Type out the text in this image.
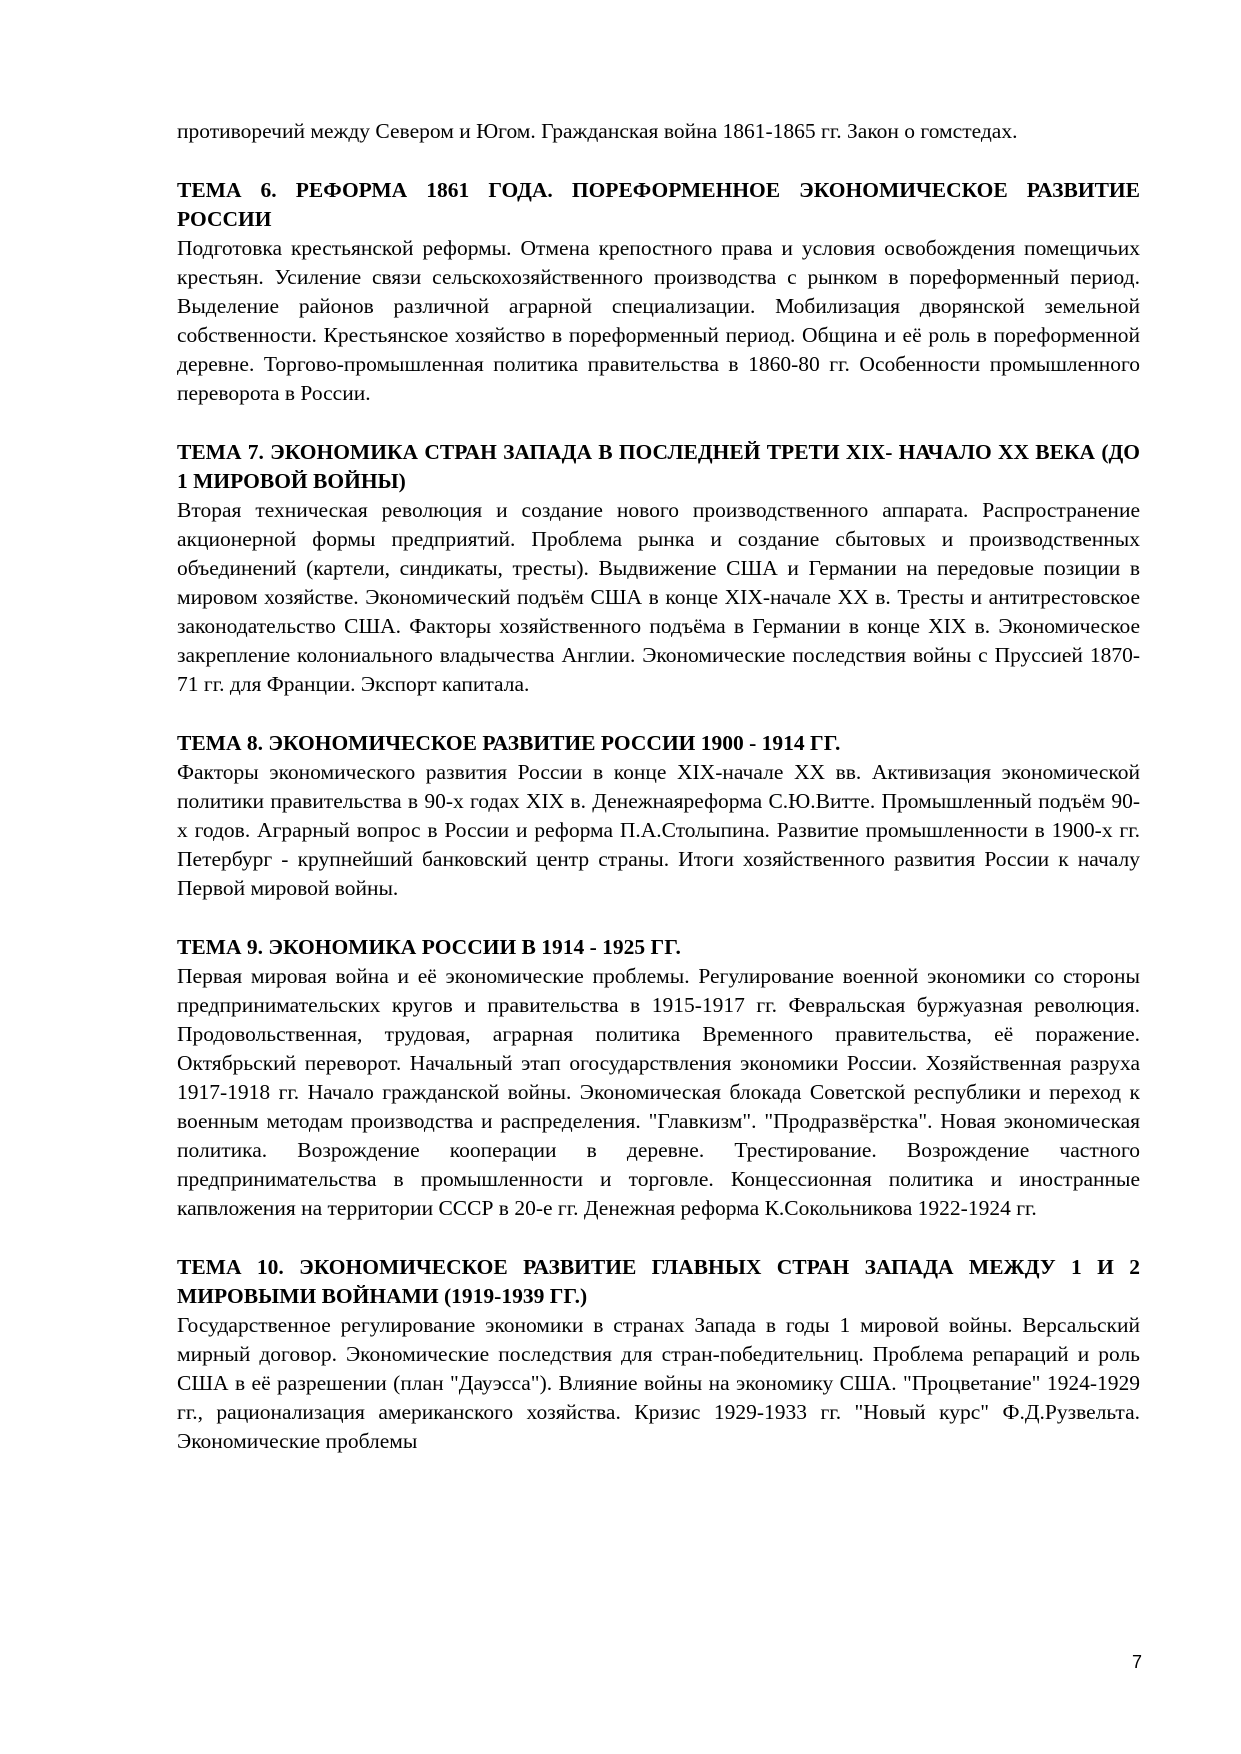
противоречий между Севером и Югом. Гражданская война 1861-1865 гг. Закон о гомстедах.

ТЕМА 6. РЕФОРМА 1861 ГОДА. ПОРЕФОРМЕННОЕ ЭКОНОМИЧЕСКОЕ РАЗВИТИЕ РОССИИ

Подготовка крестьянской реформы. Отмена крепостного права и условия освобождения помещичьих крестьян. Усиление связи сельскохозяйственного производства с рынком в пореформенный период. Выделение районов различной аграрной специализации. Мобилизация дворянской земельной собственности. Крестьянское хозяйство в пореформенный период. Община и её роль в пореформенной деревне. Торгово-промышленная политика правительства в 1860-80 гг. Особенности промышленного переворота в России.

ТЕМА 7. ЭКОНОМИКА СТРАН ЗАПАДА В ПОСЛЕДНЕЙ ТРЕТИ XIX- НАЧАЛО XX ВЕКА (ДО 1 МИРОВОЙ ВОЙНЫ)

Вторая техническая революция и создание нового производственного аппарата. Распространение акционерной формы предприятий. Проблема рынка и создание сбытовых и производственных объединений (картели, синдикаты, тресты). Выдвижение США и Германии на передовые позиции в мировом хозяйстве. Экономический подъём США в конце XIX-начале XX в. Тресты и антитрестовское законодательство США. Факторы хозяйственного подъёма в Германии в конце XIX в. Экономическое закрепление колониального владычества Англии. Экономические последствия войны с Пруссией 1870-71 гг. для Франции. Экспорт капитала.

ТЕМА 8. ЭКОНОМИЧЕСКОЕ РАЗВИТИЕ РОССИИ 1900 - 1914 ГГ.

Факторы экономического развития России в конце XIX-начале XX вв. Активизация экономической политики правительства в 90-х годах XIX в. Денежнаяреформа С.Ю.Витте. Промышленный подъём 90-х годов. Аграрный вопрос в России и реформа П.А.Столыпина. Развитие промышленности в 1900-х гг. Петербург - крупнейший банковский центр страны. Итоги хозяйственного развития России к началу Первой мировой войны.

ТЕМА 9. ЭКОНОМИКА РОССИИ В 1914 - 1925 ГГ.

Первая мировая война и её экономические проблемы. Регулирование военной экономики со стороны предпринимательских кругов и правительства в 1915-1917 гг. Февральская буржуазная революция. Продовольственная, трудовая, аграрная политика Временного правительства, её поражение. Октябрьский переворот. Начальный этап огосударствления экономики России. Хозяйственная разруха 1917-1918 гг. Начало гражданской войны. Экономическая блокада Советской республики и переход к военным методам производства и распределения. "Главкизм". "Продразвёрстка". Новая экономическая политика. Возрождение кооперации в деревне. Трестирование. Возрождение частного предпринимательства в промышленности и торговле. Концессионная политика и иностранные капвложения на территории СССР в 20-е гг. Денежная реформа К.Сокольникова 1922-1924 гг.

ТЕМА 10. ЭКОНОМИЧЕСКОЕ РАЗВИТИЕ ГЛАВНЫХ СТРАН ЗАПАДА МЕЖДУ 1 И 2 МИРОВЫМИ ВОЙНАМИ (1919-1939 ГГ.)

Государственное регулирование экономики в странах Запада в годы 1 мировой войны. Версальский мирный договор. Экономические последствия для стран-победительниц. Проблема репараций и роль США в её разрешении (план "Дауэсса"). Влияние войны на экономику США. "Процветание" 1924-1929 гг., рационализация американского хозяйства. Кризис 1929-1933 гг. "Новый курс" Ф.Д.Рузвельта. Экономические проблемы

7
